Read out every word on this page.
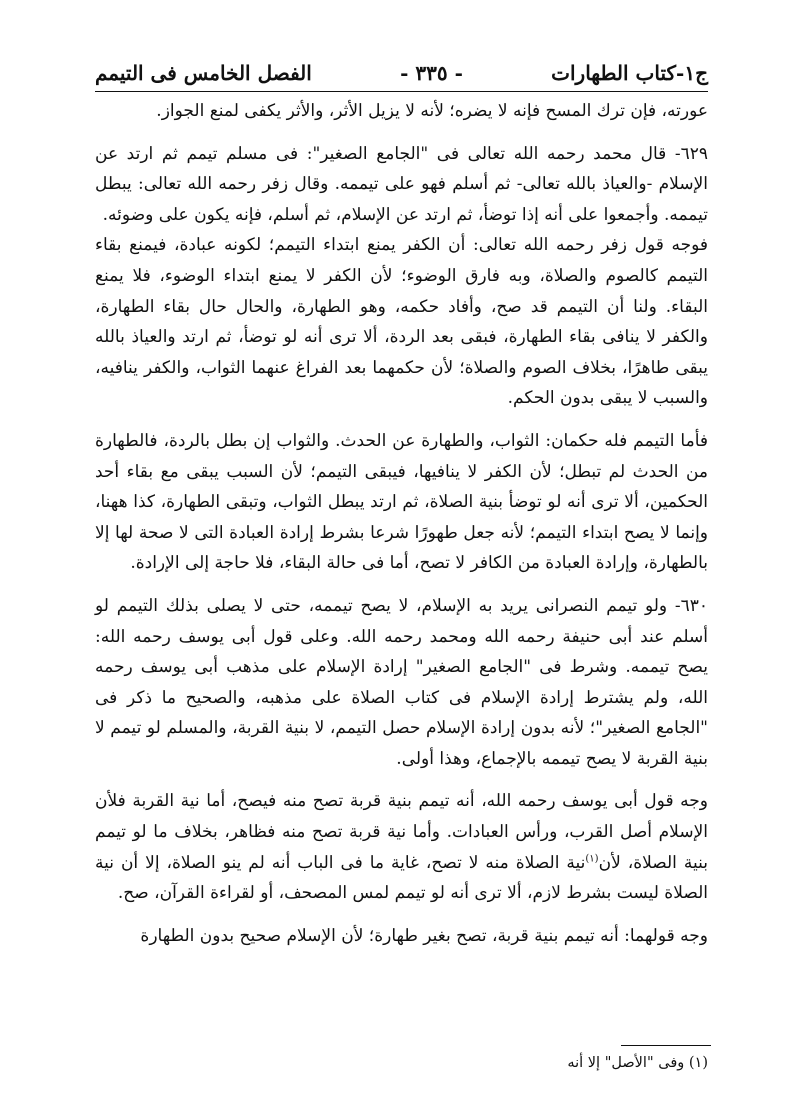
ج١-كتاب الطهارات
- ٣٣٥ -
الفصل الخامس فى التيمم

عورته، فإن ترك المسح فإنه لا يضره؛ لأنه لا يزيل الأثر، والأثر يكفى لمنع الجواز.

٦٢٩- قال محمد رحمه الله تعالى فى "الجامع الصغير": فى مسلم تيمم ثم ارتد عن الإسلام -والعياذ بالله تعالى- ثم أسلم فهو على تيممه. وقال زفر رحمه الله تعالى: يبطل تيممه. وأجمعوا على أنه إذا توضأ، ثم ارتد عن الإسلام، ثم أسلم، فإنه يكون على وضوئه.

فوجه قول زفر رحمه الله تعالى: أن الكفر يمنع ابتداء التيمم؛ لكونه عبادة، فيمنع بقاء التيمم كالصوم والصلاة، وبه فارق الوضوء؛ لأن الكفر لا يمنع ابتداء الوضوء، فلا يمنع البقاء. ولنا أن التيمم قد صح، وأفاد حكمه، وهو الطهارة، والحال حال بقاء الطهارة، والكفر لا ينافى بقاء الطهارة، فبقى بعد الردة، ألا ترى أنه لو توضأ، ثم ارتد والعياذ بالله يبقى طاهرًا، بخلاف الصوم والصلاة؛ لأن حكمهما بعد الفراغ عنهما الثواب، والكفر ينافيه، والسبب لا يبقى بدون الحكم.

فأما التيمم فله حكمان: الثواب، والطهارة عن الحدث. والثواب إن بطل بالردة، فالطهارة من الحدث لم تبطل؛ لأن الكفر لا ينافيها، فيبقى التيمم؛ لأن السبب يبقى مع بقاء أحد الحكمين، ألا ترى أنه لو توضأ بنية الصلاة، ثم ارتد يبطل الثواب، وتبقى الطهارة، كذا ههنا، وإنما لا يصح ابتداء التيمم؛ لأنه جعل طهورًا شرعا بشرط إرادة العبادة التى لا صحة لها إلا بالطهارة، وإرادة العبادة من الكافر لا تصح، أما فى حالة البقاء، فلا حاجة إلى الإرادة.

٦٣٠- ولو تيمم النصرانى يريد به الإسلام، لا يصح تيممه، حتى لا يصلى بذلك التيمم لو أسلم عند أبى حنيفة رحمه الله ومحمد رحمه الله. وعلى قول أبى يوسف رحمه الله: يصح تيممه. وشرط فى "الجامع الصغير" إرادة الإسلام على مذهب أبى يوسف رحمه الله، ولم يشترط إرادة الإسلام فى كتاب الصلاة على مذهبه، والصحيح ما ذكر فى "الجامع الصغير"؛ لأنه بدون إرادة الإسلام حصل التيمم، لا بنية القربة، والمسلم لو تيمم لا بنية القربة لا يصح تيممه بالإجماع، وهذا أولى.

وجه قول أبى يوسف رحمه الله، أنه تيمم بنية قربة تصح منه فيصح، أما نية القربة فلأن الإسلام أصل القرب، ورأس العبادات. وأما نية قربة تصح منه فظاهر، بخلاف ما لو تيمم بنية الصلاة، لأن$^{(١)}$نية الصلاة منه لا تصح، غاية ما فى الباب أنه لم ينو الصلاة، إلا أن نية الصلاة ليست بشرط لازم، ألا ترى أنه لو تيمم لمس المصحف، أو لقراءة القرآن، صح.

وجه قولهما: أنه تيمم بنية قربة، تصح بغير طهارة؛ لأن الإسلام صحيح بدون الطهارة

(١) وفى "الأصل" إلا أنه
